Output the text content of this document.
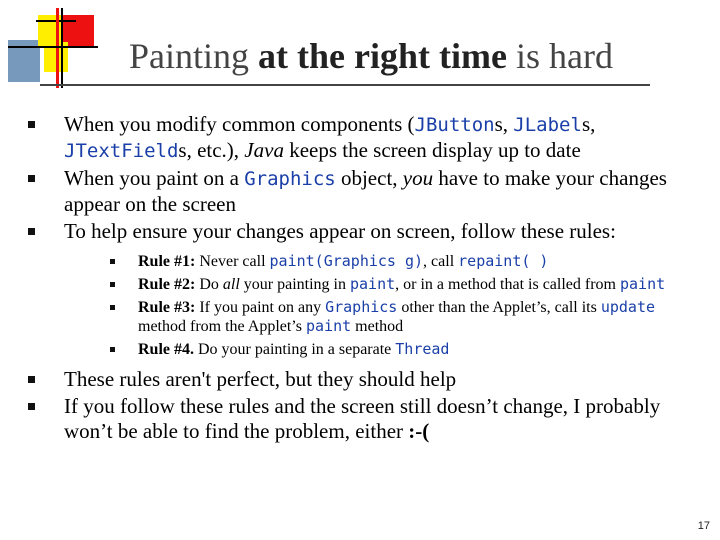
Painting at the right time is hard
When you modify common components (JButtons, JLabels, JTextFields, etc.), Java keeps the screen display up to date
When you paint on a Graphics object, you have to make your changes appear on the screen
To help ensure your changes appear on screen, follow these rules:
Rule #1: Never call paint(Graphics g), call repaint( )
Rule #2: Do all your painting in paint, or in a method that is called from paint
Rule #3: If you paint on any Graphics other than the Applet’s, call its update method from the Applet’s paint method
Rule #4. Do your painting in a separate Thread
These rules aren't perfect, but they should help
If you follow these rules and the screen still doesn’t change, I probably won’t be able to find the problem, either :-(
17
